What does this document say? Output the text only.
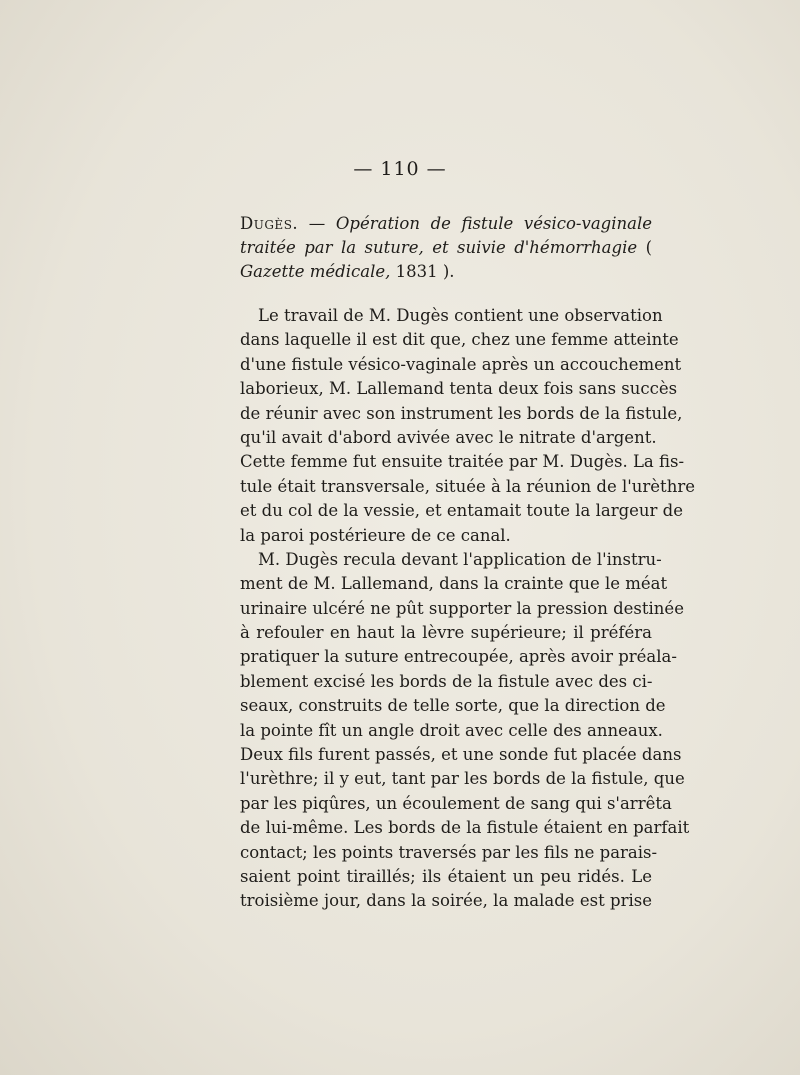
— 110 —
Dugès. — Opération de fistule vésico-vaginale traitée par la suture, et suivie d'hémorrhagie ( Gazette médicale, 1831 ).
Le travail de M. Dugès contient une observation
dans laquelle il est dit que, chez une femme atteinte
d'une fistule vésico-vaginale après un accouchement
laborieux, M. Lallemand tenta deux fois sans succès
de réunir avec son instrument les bords de la fistule,
qu'il avait d'abord avivée avec le nitrate d'argent.
Cette femme fut ensuite traitée par M. Dugès. La fis-
tule était transversale, située à la réunion de l'urèthre
et du col de la vessie, et entamait toute la largeur de
la paroi postérieure de ce canal.
M. Dugès recula devant l'application de l'instru-
ment de M. Lallemand, dans la crainte que le méat
urinaire ulcéré ne pût supporter la pression destinée
à refouler en haut la lèvre supérieure; il préféra
pratiquer la suture entrecoupée, après avoir préala-
blement excisé les bords de la fistule avec des ci-
seaux, construits de telle sorte, que la direction de
la pointe fît un angle droit avec celle des anneaux.
Deux fils furent passés, et une sonde fut placée dans
l'urèthre; il y eut, tant par les bords de la fistule, que
par les piqûres, un écoulement de sang qui s'arrêta
de lui-même. Les bords de la fistule étaient en parfait
contact; les points traversés par les fils ne parais-
saient point tiraillés; ils étaient un peu ridés. Le
troisième jour, dans la soirée, la malade est prise
